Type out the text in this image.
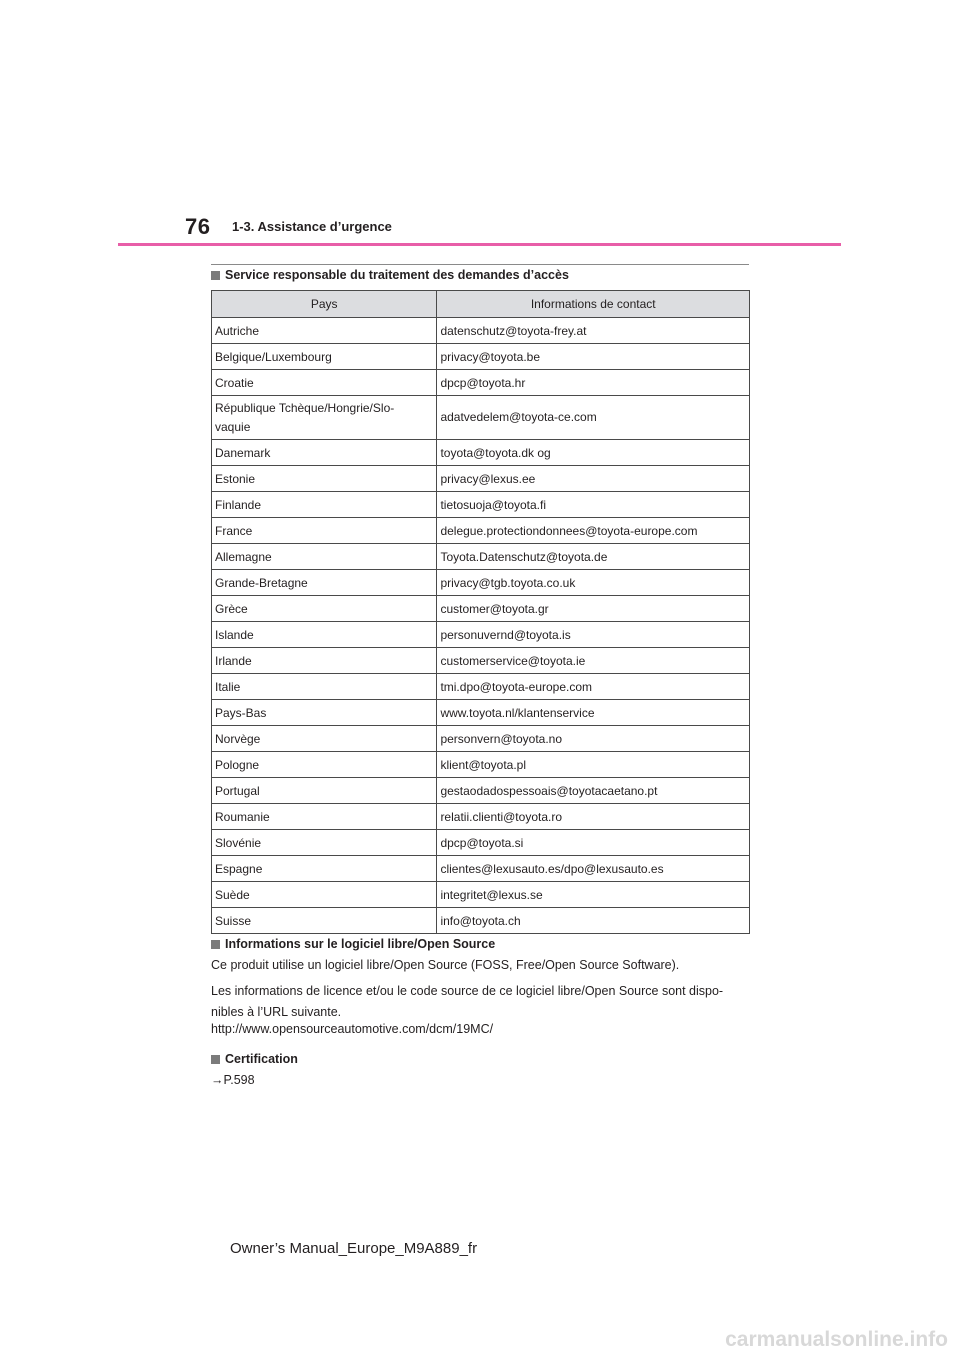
76 1-3. Assistance d’urgence
Service responsable du traitement des demandes d’accès
Pays	Informations de contact
Autriche	datenschutz@toyota-frey.at
Belgique/Luxembourg	privacy@toyota.be
Croatie	dpcp@toyota.hr
République Tchèque/Hongrie/Slo-
vaquie	adatvedelem@toyota-ce.com
Danemark	toyota@toyota.dk og
Estonie	privacy@lexus.ee
Finlande	tietosuoja@toyota.fi
France	delegue.protectiondonnees@toyota-europe.com
Allemagne	Toyota.Datenschutz@toyota.de
Grande-Bretagne	privacy@tgb.toyota.co.uk
Grèce	customer@toyota.gr
Islande	personuvernd@toyota.is
Irlande	customerservice@toyota.ie
Italie	tmi.dpo@toyota-europe.com
Pays-Bas	www.toyota.nl/klantenservice
Norvège	personvern@toyota.no
Pologne	klient@toyota.pl
Portugal	gestaodadospessoais@toyotacaetano.pt
Roumanie	relatii.clienti@toyota.ro
Slovénie	dpcp@toyota.si
Espagne	clientes@lexusauto.es/dpo@lexusauto.es
Suède	integritet@lexus.se
Suisse	info@toyota.ch
Informations sur le logiciel libre/Open Source
Ce produit utilise un logiciel libre/Open Source (FOSS, Free/Open Source Software).
Les informations de licence et/ou le code source de ce logiciel libre/Open Source sont dispo-
nibles à l’URL suivante.
http://www.opensourceautomotive.com/dcm/19MC/
Certification
→P.598
Owner’s Manual_Europe_M9A889_fr
carmanualsonline.info
